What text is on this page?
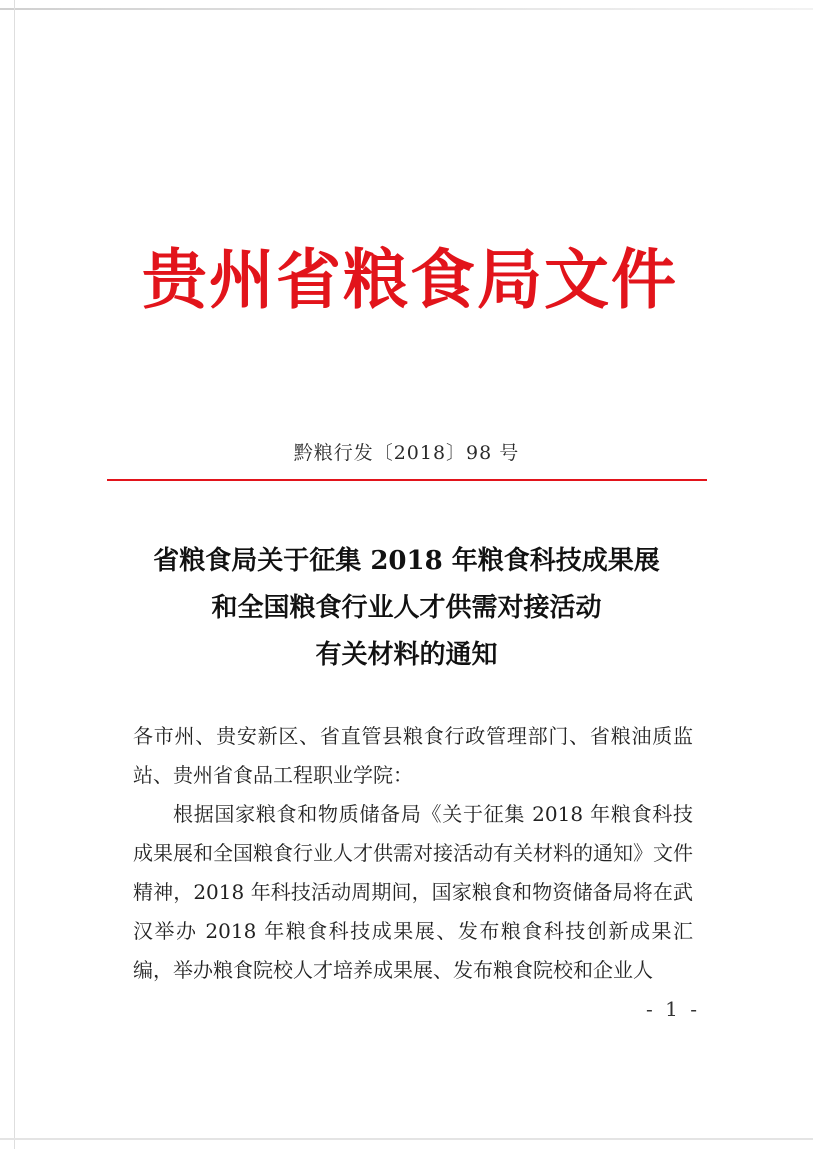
贵州省粮食局文件
黔粮行发〔2018〕98 号
省粮食局关于征集 2018 年粮食科技成果展
和全国粮食行业人才供需对接活动
有关材料的通知

各市州、贵安新区、省直管县粮食行政管理部门、省粮油质监站、贵州省食品工程职业学院：

根据国家粮食和物质储备局《关于征集 2018 年粮食科技成果展和全国粮食行业人才供需对接活动有关材料的通知》文件精神，2018 年科技活动周期间，国家粮食和物资储备局将在武汉举办 2018 年粮食科技成果展、发布粮食科技创新成果汇编，举办粮食院校人才培养成果展、发布粮食院校和企业人

- 1 -
